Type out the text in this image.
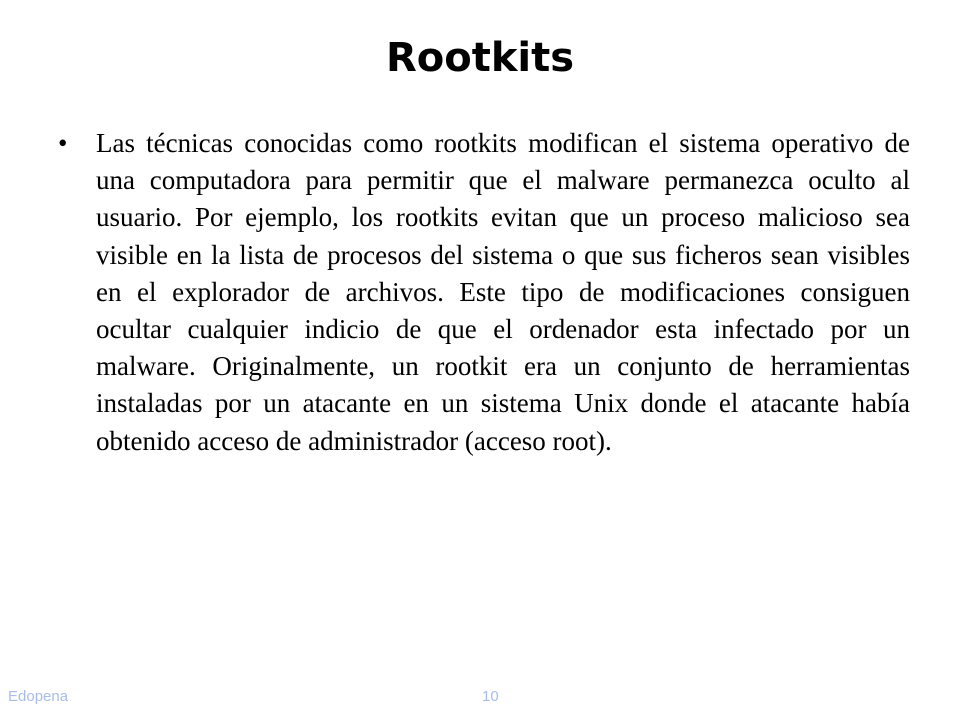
Rootkits
• Las técnicas conocidas como rootkits modifican el sistema operativo de una computadora para permitir que el malware permanezca oculto al usuario. Por ejemplo, los rootkits evitan que un proceso malicioso sea visible en la lista de procesos del sistema o que sus ficheros sean visibles en el explorador de archivos. Este tipo de modificaciones consiguen ocultar cualquier indicio de que el ordenador esta infectado por un malware. Originalmente, un rootkit era un conjunto de herramientas instaladas por un atacante en un sistema Unix donde el atacante había obtenido acceso de administrador (acceso root).

Edopena	10
